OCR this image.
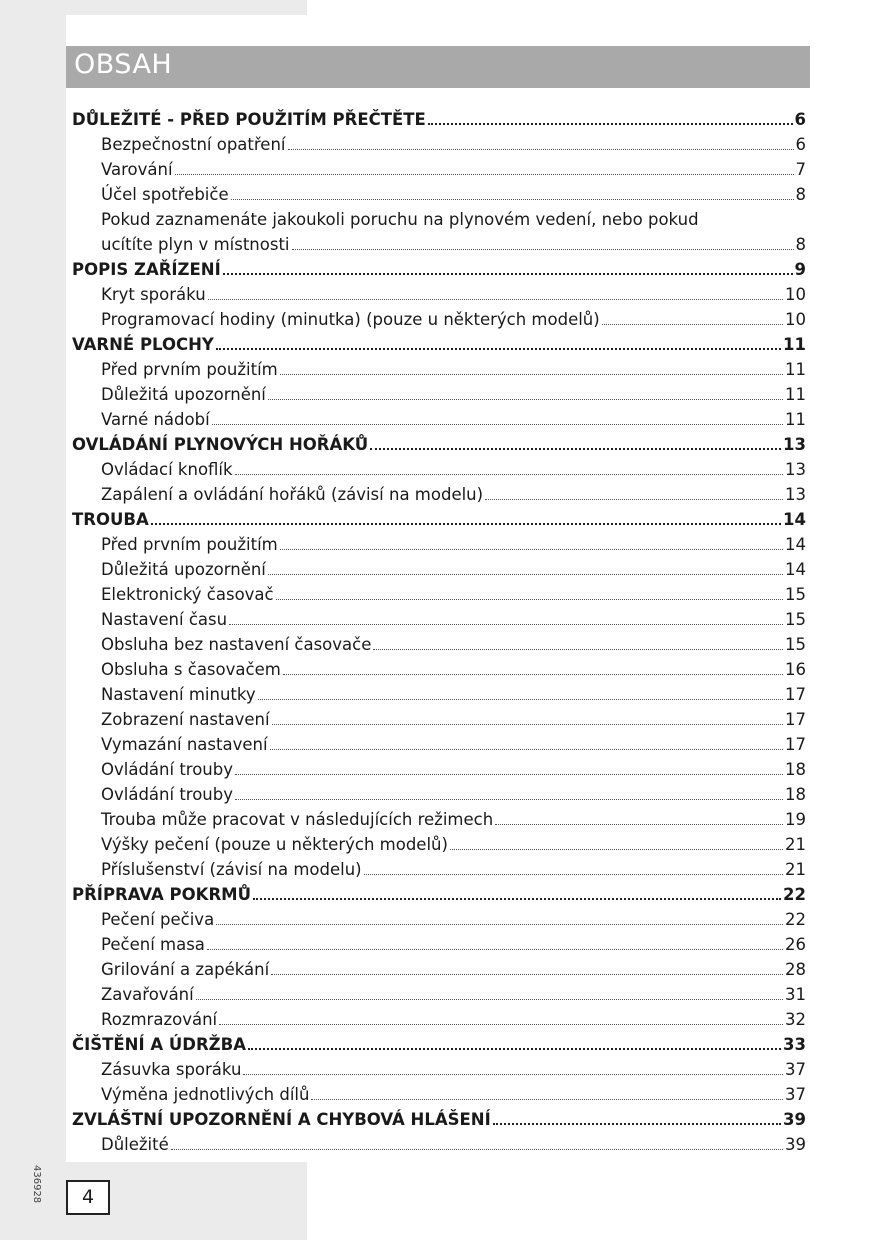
OBSAH
DŮLEŽITÉ - PŘED POUŽITÍM PŘEČTĚTE	6
Bezpečnostní opatření	6
Varování	7
Účel spotřebiče	8
Pokud zaznamenáte jakoukoli poruchu na plynovém vedení, nebo pokud
ucítíte plyn v místnosti	8
POPIS ZAŘÍZENÍ	9
Kryt sporáku	10
Programovací hodiny (minutka) (pouze u některých modelů)	10
VARNÉ PLOCHY	11
Před prvním použitím	11
Důležitá upozornění	11
Varné nádobí	11
OVLÁDÁNÍ PLYNOVÝCH HOŘÁKŮ	13
Ovládací knoflík	13
Zapálení a ovládání hořáků (závisí na modelu)	13
TROUBA	14
Před prvním použitím	14
Důležitá upozornění	14
Elektronický časovač	15
Nastavení času	15
Obsluha bez nastavení časovače	15
Obsluha s časovačem	16
Nastavení minutky	17
Zobrazení nastavení	17
Vymazání nastavení	17
Ovládání trouby	18
Ovládání trouby	18
Trouba může pracovat v následujících režimech	19
Výšky pečení (pouze u některých modelů)	21
Příslušenství (závisí na modelu)	21
PŘÍPRAVA POKRMŮ	22
Pečení pečiva	22
Pečení masa	26
Grilování a zapékání	28
Zavařování	31
Rozmrazování	32
ČIŠTĚNÍ A ÚDRŽBA	33
Zásuvka sporáku	37
Výměna jednotlivých dílů	37
ZVLÁŠTNÍ UPOZORNĚNÍ A CHYBOVÁ HLÁŠENÍ	39
Důležité	39
436928	4
